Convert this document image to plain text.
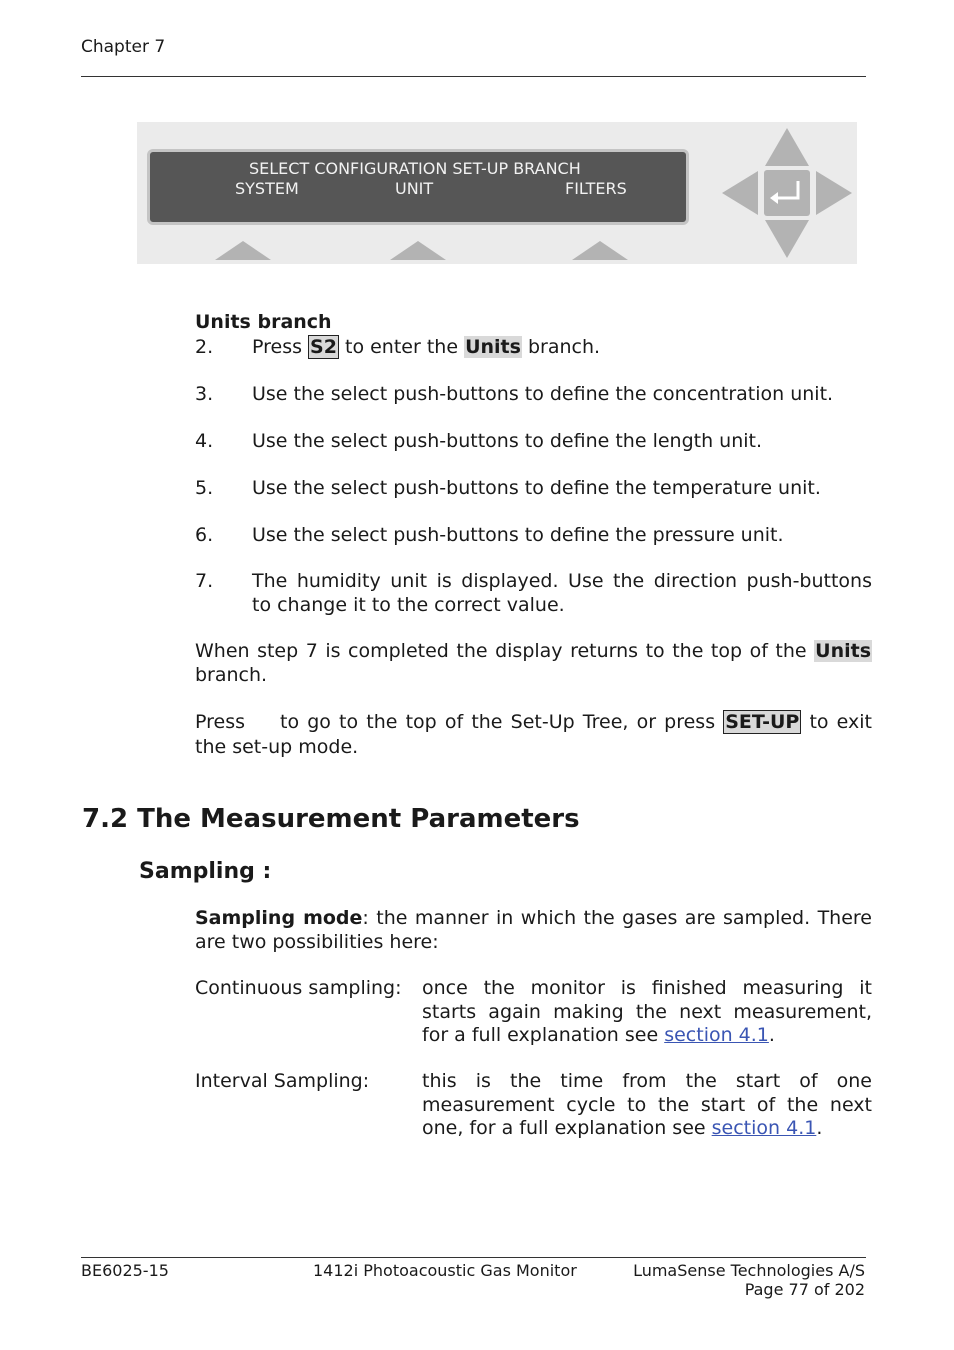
Chapter 7
SELECT CONFIGURATION SET-UP BRANCH
SYSTEM	UNIT	FILTERS
Units branch
2. Press S2 to enter the Units branch.
3. Use the select push-buttons to define the concentration unit.
4. Use the select push-buttons to define the length unit.
5. Use the select push-buttons to define the temperature unit.
6. Use the select push-buttons to define the pressure unit.
7. The humidity unit is displayed. Use the direction push-buttons
to change it to the correct value.
When step 7 is completed the display returns to the top of the Units
branch.
Press to go to the top of the Set-Up Tree, or press SET-UP to exit
the set-up mode.
7.2 The Measurement Parameters
Sampling :
Sampling mode: the manner in which the gases are sampled. There
are two possibilities here:
Continuous sampling: once the monitor is finished measuring it
starts again making the next measurement,
for a full explanation see section 4.1.
Interval Sampling:	this is the time from the start of one
measurement cycle to the start of the next
one, for a full explanation see section 4.1.
BE6025-15	1412i Photoacoustic Gas Monitor	LumaSense Technologies A/S
Page 77 of 202
